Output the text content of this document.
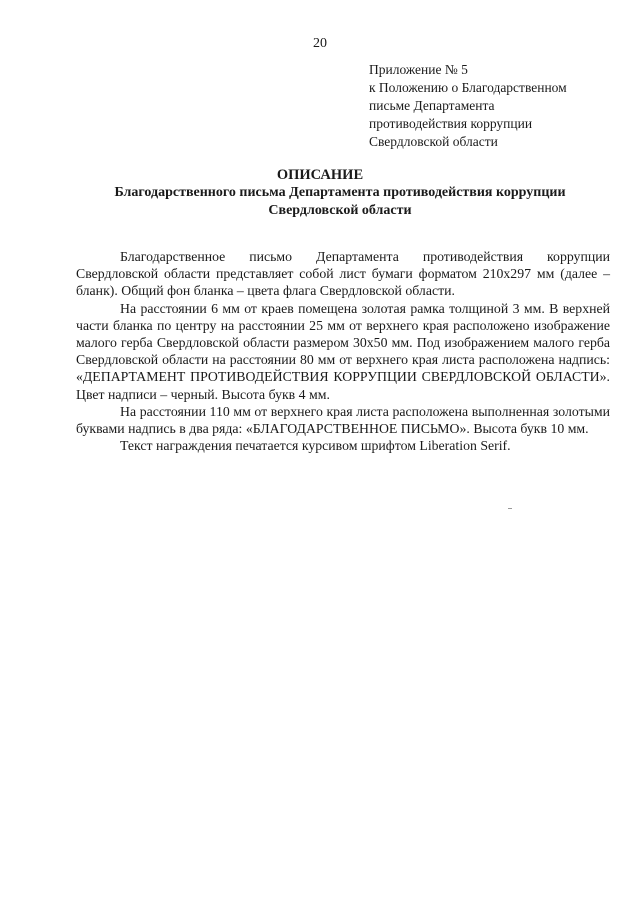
20
Приложение № 5
к Положению о Благодарственном
письме Департамента
противодействия коррупции
Свердловской области
ОПИСАНИЕ
Благодарственного письма Департамента противодействия коррупции Свердловской области

Благодарственное письмо Департамента противодействия коррупции Свердловской области представляет собой лист бумаги форматом 210х297 мм (далее – бланк). Общий фон бланка – цвета флага Свердловской области.

На расстоянии 6 мм от краев помещена золотая рамка толщиной 3 мм. В верхней части бланка по центру на расстоянии 25 мм от верхнего края расположено изображение малого герба Свердловской области размером 30х50 мм. Под изображением малого герба Свердловской области на расстоянии 80 мм от верхнего края листа расположена надпись: «ДЕПАРТАМЕНТ ПРОТИВОДЕЙСТВИЯ КОРРУПЦИИ СВЕРДЛОВСКОЙ ОБЛАСТИ». Цвет надписи – черный. Высота букв 4 мм.

На расстоянии 110 мм от верхнего края листа расположена выполненная золотыми буквами надпись в два ряда: «БЛАГОДАРСТВЕННОЕ ПИСЬМО». Высота букв 10 мм.

Текст награждения печатается курсивом шрифтом Liberation Serif.
